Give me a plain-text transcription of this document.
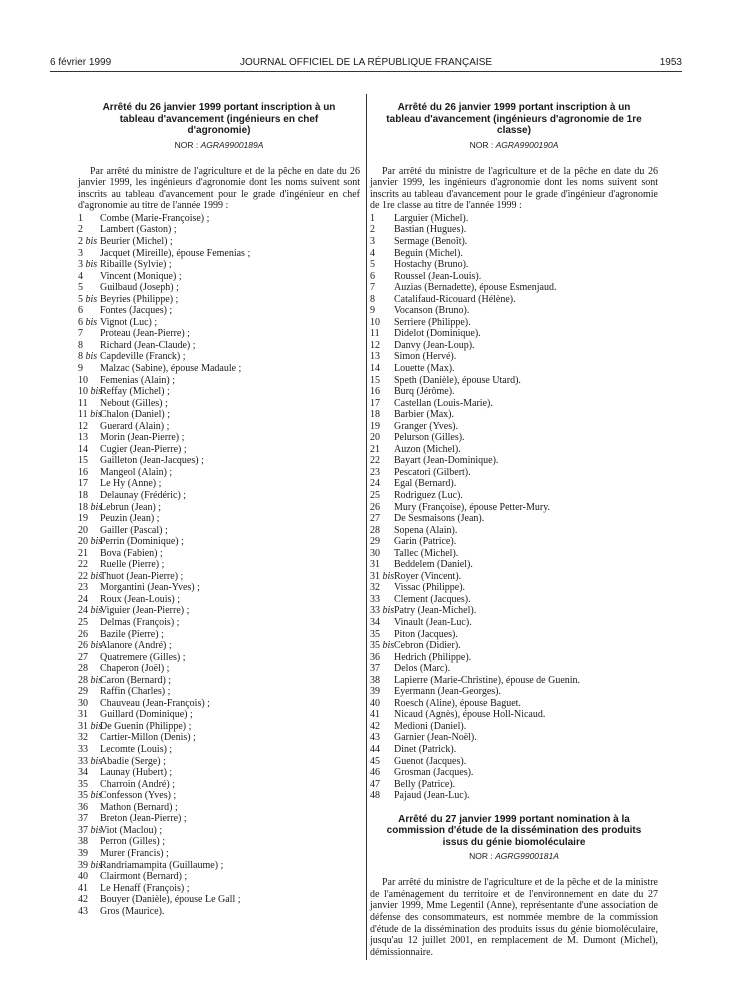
6 février 1999	JOURNAL OFFICIEL DE LA RÉPUBLIQUE FRANÇAISE	1953
Arrêté du 26 janvier 1999 portant inscription à un tableau d'avancement (ingénieurs en chef d'agronomie)
NOR : AGRA9900189A
Par arrêté du ministre de l'agriculture et de la pêche en date du 26 janvier 1999, les ingénieurs d'agronomie dont les noms suivent sont inscrits au tableau d'avancement pour le grade d'ingénieur en chef d'agronomie au titre de l'année 1999 :
1 Combe (Marie-Françoise) ;
2 Lambert (Gaston) ;
2 bis Beurier (Michel) ;
3 Jacquet (Mireille), épouse Femenias ;
3 bis Ribaille (Sylvie) ;
4 Vincent (Monique) ;
5 Guilbaud (Joseph) ;
5 bis Beyries (Philippe) ;
6 Fontes (Jacques) ;
6 bis Vignot (Luc) ;
7 Proteau (Jean-Pierre) ;
8 Richard (Jean-Claude) ;
8 bis Capdeville (Franck) ;
9 Malzac (Sabine), épouse Madaule ;
10 Femenias (Alain) ;
10 bisReffay (Michel) ;
11 Nebout (Gilles) ;
11 bisChalon (Daniel) ;
12 Guerard (Alain) ;
13 Morin (Jean-Pierre) ;
14 Cugier (Jean-Pierre) ;
15 Gailleton (Jean-Jacques) ;
16 Mangeol (Alain) ;
17 Le Hy (Anne) ;
18 Delaunay (Frédéric) ;
18 bisLebrun (Jean) ;
19 Peuzin (Jean) ;
20 Gailler (Pascal) ;
20 bisPerrin (Dominique) ;
21 Bova (Fabien) ;
22 Ruelle (Pierre) ;
22 bisThuot (Jean-Pierre) ;
23 Morgantini (Jean-Yves) ;
24 Roux (Jean-Louis) ;
24 bisViguier (Jean-Pierre) ;
25 Delmas (François) ;
26 Bazile (Pierre) ;
26 bisAlanore (André) ;
27 Quatremere (Gilles) ;
28 Chaperon (Joël) ;
28 bisCaron (Bernard) ;
29 Raffin (Charles) ;
30 Chauveau (Jean-François) ;
31 Guillard (Dominique) ;
31 bisDe Guenin (Philippe) ;
32 Cartier-Millon (Denis) ;
33 Lecomte (Louis) ;
33 bisAbadie (Serge) ;
34 Launay (Hubert) ;
35 Charroin (André) ;
35 bisConfesson (Yves) ;
36 Mathon (Bernard) ;
37 Breton (Jean-Pierre) ;
37 bisViot (Maclou) ;
38 Perron (Gilles) ;
39 Murer (Francis) ;
39 bisRandriamampita (Guillaume) ;
40 Clairmont (Bernard) ;
41 Le Henaff (François) ;
42 Bouyer (Danièle), épouse Le Gall ;
43 Gros (Maurice).
Arrêté du 26 janvier 1999 portant inscription à un tableau d'avancement (ingénieurs d'agronomie de 1re classe)
NOR : AGRA9900190A
Par arrêté du ministre de l'agriculture et de la pêche en date du 26 janvier 1999, les ingénieurs d'agronomie dont les noms suivent sont inscrits au tableau d'avancement pour le grade d'ingénieur d'agronomie de 1re classe au titre de l'année 1999 :
1 Larguier (Michel).
2 Bastian (Hugues).
3 Sermage (Benoît).
4 Beguin (Michel).
5 Hostachy (Bruno).
6 Roussel (Jean-Louis).
7 Auzias (Bernadette), épouse Esmenjaud.
8 Catalifaud-Ricouard (Hélène).
9 Vocanson (Bruno).
10 Serriere (Philippe).
11 Didelot (Dominique).
12 Danvy (Jean-Loup).
13 Simon (Hervé).
14 Louette (Max).
15 Speth (Danièle), épouse Utard).
16 Burq (Jérôme).
17 Castellan (Louis-Marie).
18 Barbier (Max).
19 Granger (Yves).
20 Pelurson (Gilles).
21 Auzon (Michel).
22 Bayart (Jean-Dominique).
23 Pescatori (Gilbert).
24 Egal (Bernard).
25 Rodriguez (Luc).
26 Mury (Françoise), épouse Petter-Mury.
27 De Sesmaisons (Jean).
28 Sopena (Alain).
29 Garin (Patrice).
30 Tallec (Michel).
31 Beddelem (Daniel).
31 bisRoyer (Vincent).
32 Vissac (Philippe).
33 Clement (Jacques).
33 bisPatry (Jean-Michel).
34 Vinault (Jean-Luc).
35 Piton (Jacques).
35 bisCebron (Didier).
36 Hedrich (Philippe).
37 Delos (Marc).
38 Lapierre (Marie-Christine), épouse de Guenin.
39 Eyermann (Jean-Georges).
40 Roesch (Aline), épouse Baguet.
41 Nicaud (Agnès), épouse Holl-Nicaud.
42 Medioni (Daniel).
43 Garnier (Jean-Noël).
44 Dinet (Patrick).
45 Guenot (Jacques).
46 Grosman (Jacques).
47 Belly (Patrice).
48 Pajaud (Jean-Luc).
Arrêté du 27 janvier 1999 portant nomination à la commission d'étude de la dissémination des produits issus du génie biomoléculaire
NOR : AGRG9900181A
Par arrêté du ministre de l'agriculture et de la pêche et de la ministre de l'aménagement du territoire et de l'environnement en date du 27 janvier 1999, Mme Legentil (Anne), représentante d'une association de défense des consommateurs, est nommée membre de la commission d'étude de la dissémination des produits issus du génie biomoléculaire, jusqu'au 12 juillet 2001, en remplacement de M. Dumont (Michel), démissionnaire.
